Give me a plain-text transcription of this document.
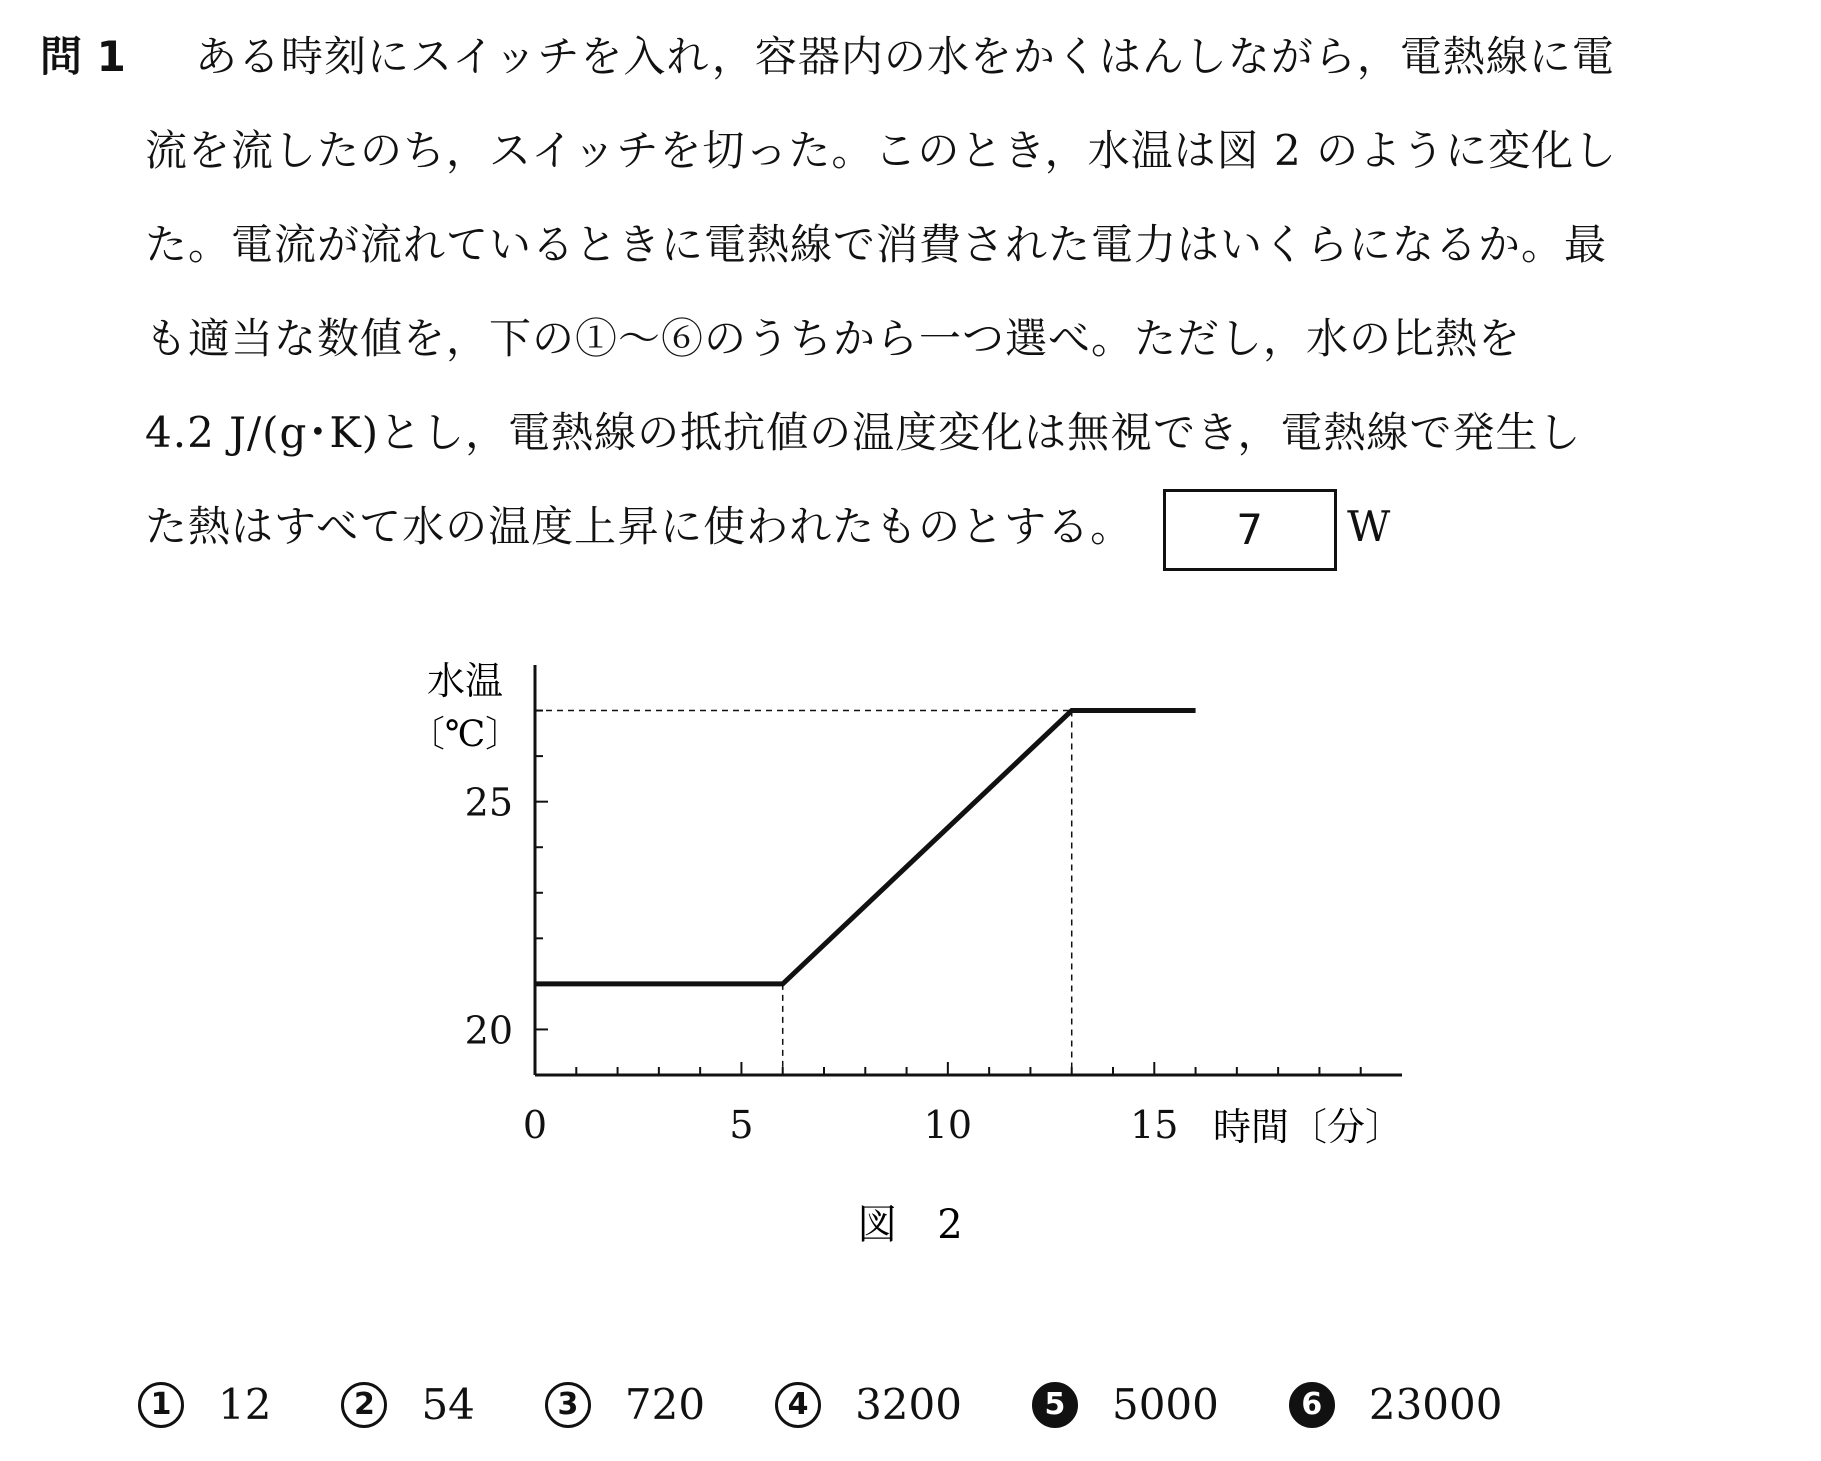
問 1 ある時刻にスイッチを入れ，容器内の水をかくはんしながら，電熱線に電
流を流したのち，スイッチを切った。このとき，水温は図 2 のように変化し
た。電流が流れているときに電熱線で消費された電力はいくらになるか。最
も適当な数値を，下の①～⑥のうちから一つ選べ。ただし，水の比熱を
4.2 J/(g･K)とし，電熱線の抵抗値の温度変化は無視でき，電熱線で発生し
た熱はすべて水の温度上昇に使われたものとする。 7 W
0	5	10	15
20
25
水温
〔℃〕
時間〔分〕
図　2
1 12	2 54	3 720	4 3200	5 5000	6 23000
